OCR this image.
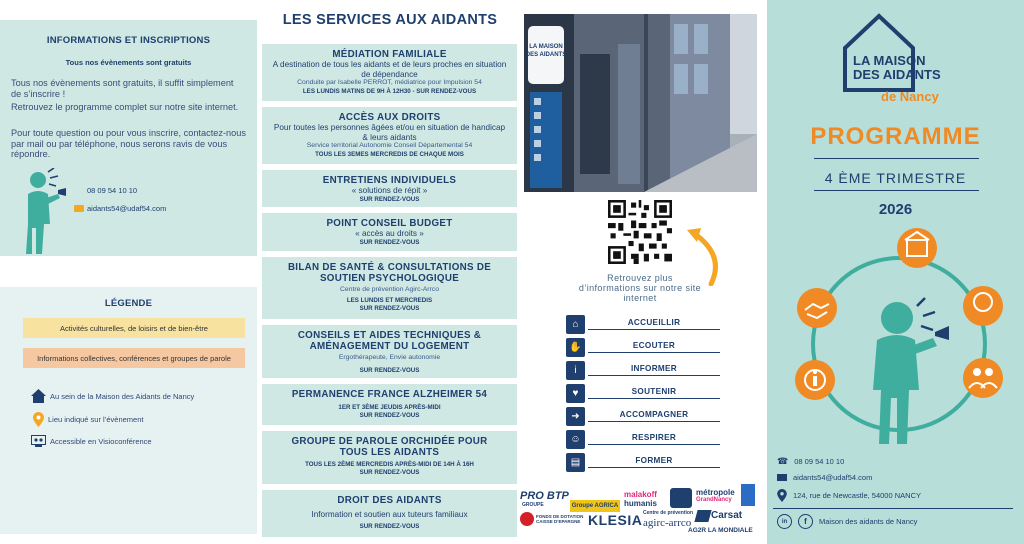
INFORMATIONS ET INSCRIPTIONS
Tous nos évènements sont gratuits
Tous nos évènements sont gratuits, il suffit simplement de s’inscrire !
Retrouvez le programme complet sur notre site internet.
Pour toute question ou pour vous inscrire, contactez-nous par mail ou par téléphone, nous serons ravis de vous répondre.
08 09 54 10 10
aidants54@udaf54.com
LÉGENDE
Activités culturelles, de loisirs et de bien-être
Informations collectives, conférences et groupes de parole
Au sein de la Maison des Aidants de Nancy
Lieu indiqué sur l’évènement
Accessible en Visioconférence
LES SERVICES AUX AIDANTS
MÉDIATION FAMILIALE
A destination de tous les aidants et de leurs proches en situation de dépendance
Conduite par Isabelle PERROT, médiatrice pour Impulsion 54
LES LUNDIS MATINS DE 9H À 12H30 - SUR RENDEZ-VOUS
ACCÈS AUX DROITS
Pour toutes les personnes âgées et/ou en situation de handicap & leurs aidants
Service territorial Autonomie Conseil Départemental 54
TOUS LES 3EMES MERCREDIS DE CHAQUE MOIS
ENTRETIENS INDIVIDUELS
« solutions de répit »
SUR RENDEZ-VOUS
POINT CONSEIL BUDGET
« accès au droits »
SUR RENDEZ-VOUS
BILAN DE SANTÉ & CONSULTATIONS DE SOUTIEN PSYCHOLOGIQUE
Centre de prévention Agirc-Arrco
LES LUNDIS ET MERCREDIS
SUR RENDEZ-VOUS
CONSEILS ET AIDES TECHNIQUES & AMÉNAGEMENT DU LOGEMENT
Ergothérapeute, Envie autonomie
SUR RENDEZ-VOUS
PERMANENCE FRANCE ALZHEIMER 54
1ER ET 3ÈME JEUDIS APRÈS-MIDI
SUR RENDEZ-VOUS
GROUPE DE PAROLE ORCHIDÉE POUR TOUS LES AIDANTS
TOUS LES 2ÈME MERCREDIS APRÈS-MIDI DE 14H À 16H
SUR RENDEZ-VOUS
DROIT DES AIDANTS
Information et soutien aux tuteurs familiaux
SUR RENDEZ-VOUS
LA MAISON
DES AIDANTS
Retrouvez plus d’informations sur notre site internet
⌂	ACCUEILLIR
✋	ECOUTER
i	INFORMER
♥	SOUTENIR
➜	ACCOMPAGNER
☺	RESPIRER
▤	FORMER
PRO BTP
GROUPE	Groupe AGRICA
malakoff
humanis
métropole
GrandNancy
FONDS DE DOTATION CAISSE D’EPARGNE KLESIA Centre de prévention
agirc-arrco
Carsat
AG2R LA MONDIALE
LA MAISON
DES AIDANTS
de Nancy
PROGRAMME
4 ÈME TRIMESTRE
2026
☎ 08 09 54 10 10
aidants54@udaf54.com
124, rue de Newcastle, 54000 NANCY
in	f	Maison des aidants de Nancy
